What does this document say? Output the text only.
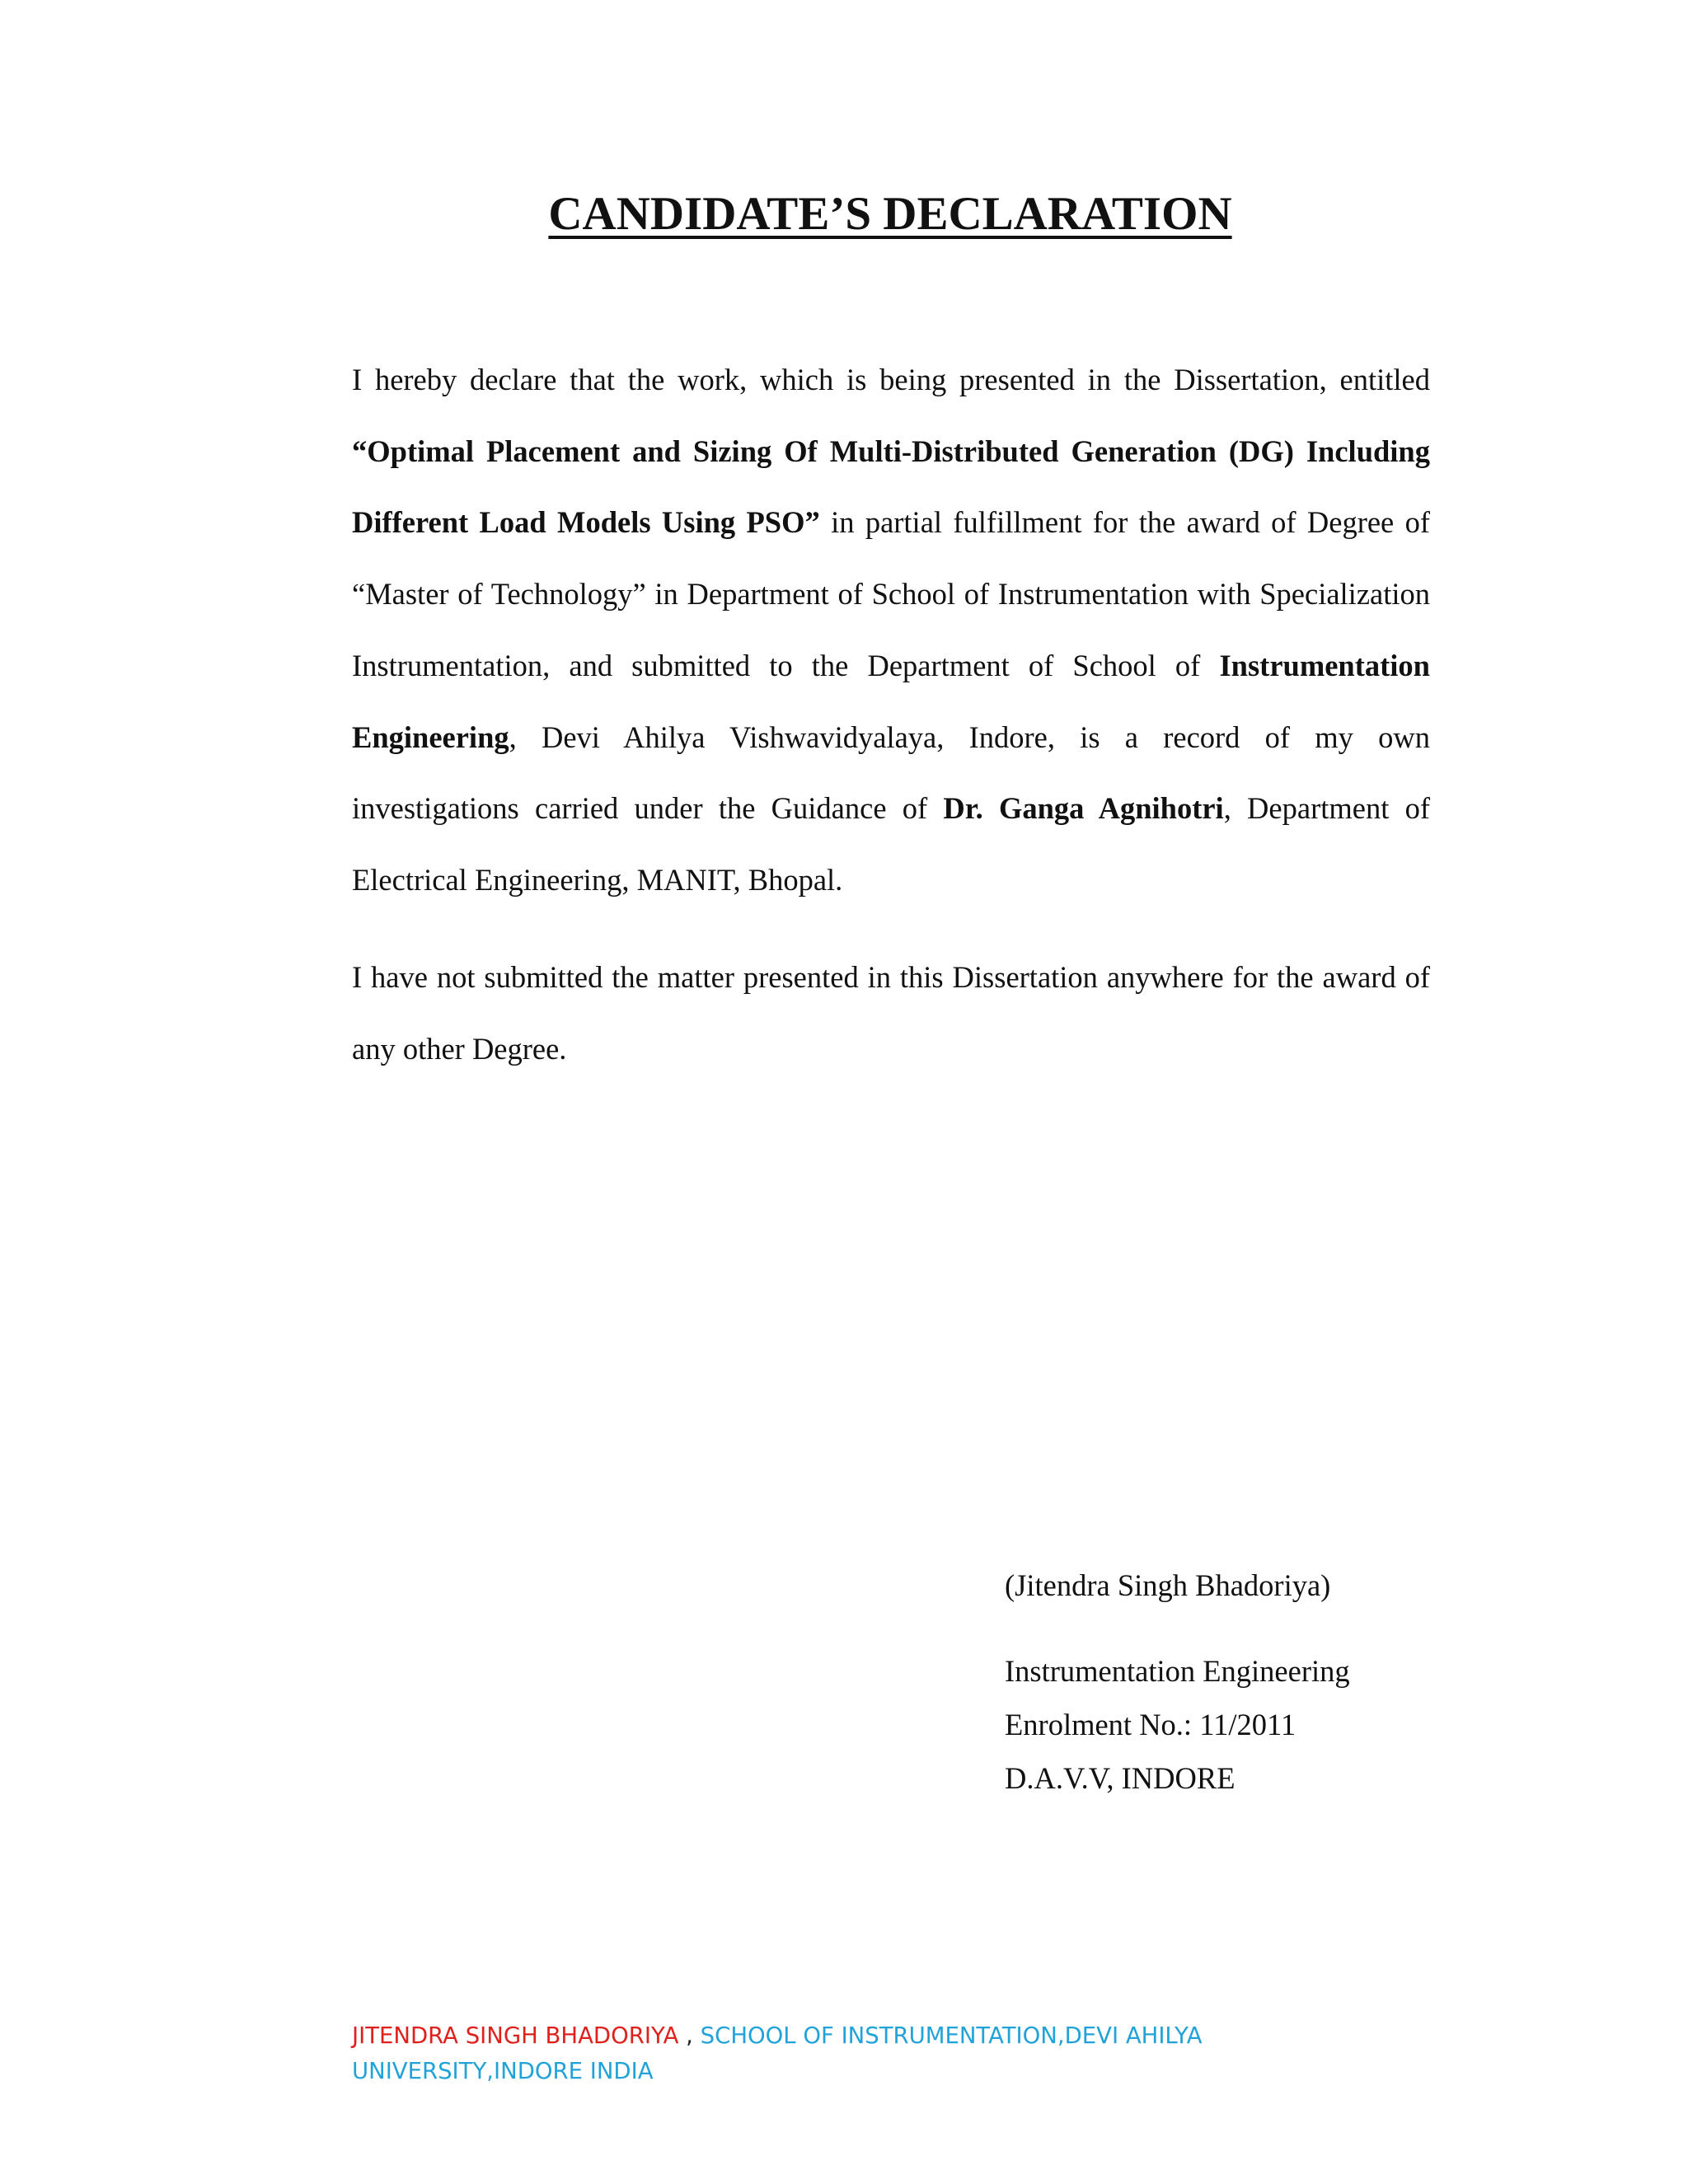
CANDIDATE’S DECLARATION

I hereby declare that the work, which is being presented in the Dissertation, entitled “Optimal Placement and Sizing Of Multi-Distributed Generation (DG) Including Different Load Models Using PSO” in partial fulfillment for the award of Degree of “Master of Technology” in Department of School of Instrumentation with Specialization Instrumentation, and submitted to the Department of School of Instrumentation Engineering, Devi Ahilya Vishwavidyalaya, Indore, is a record of my own investigations carried under the Guidance of Dr. Ganga Agnihotri, Department of Electrical Engineering, MANIT, Bhopal.

I have not submitted the matter presented in this Dissertation anywhere for the award of any other Degree.

(Jitendra Singh Bhadoriya)
Instrumentation Engineering
Enrolment No.: 11/2011
D.A.V.V, INDORE
JITENDRA SINGH BHADORIYA , SCHOOL OF INSTRUMENTATION,DEVI AHILYA UNIVERSITY,INDORE INDIA
